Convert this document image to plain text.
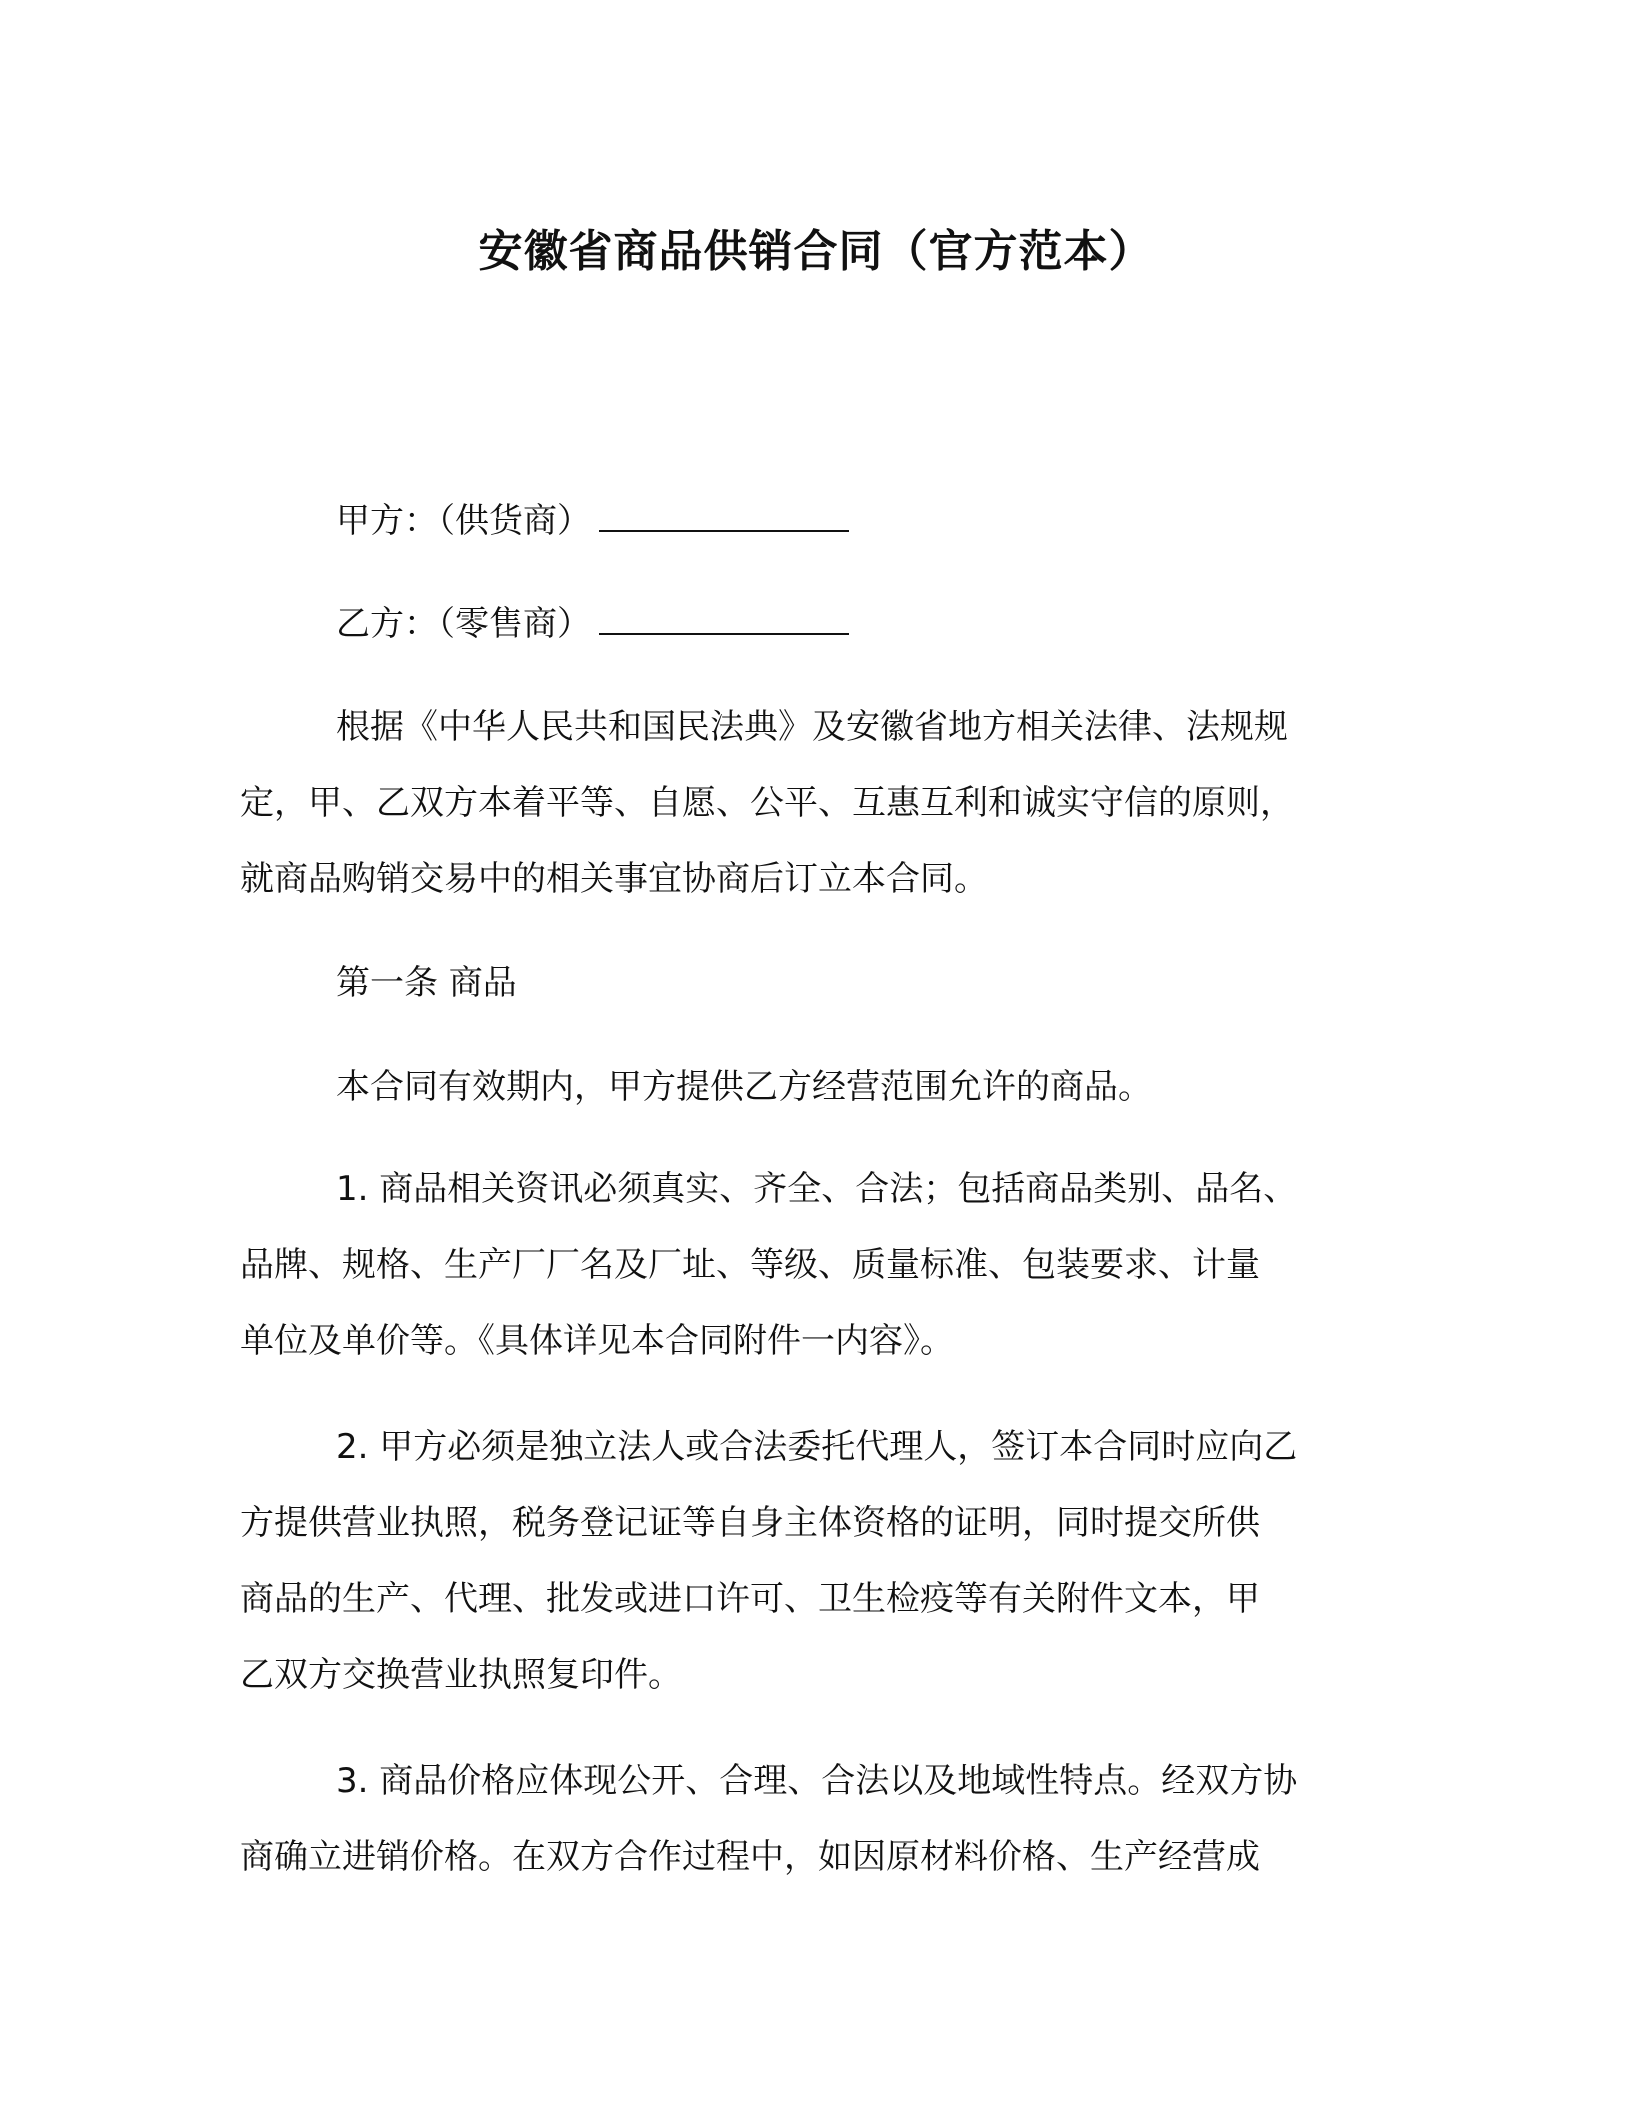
安徽省商品供销合同（官方范本）
甲方：（供货商）
乙方：（零售商）
根据《中华人民共和国民法典》及安徽省地方相关法律、法规规
定，甲、乙双方本着平等、自愿、公平、互惠互利和诚实守信的原则，
就商品购销交易中的相关事宜协商后订立本合同。
第一条 商品
本合同有效期内，甲方提供乙方经营范围允许的商品。
1. 商品相关资讯必须真实、齐全、合法；包括商品类别、品名、
品牌、规格、生产厂厂名及厂址、等级、质量标准、包装要求、计量
单位及单价等。《具体详见本合同附件一内容》。
2. 甲方必须是独立法人或合法委托代理人，签订本合同时应向乙
方提供营业执照，税务登记证等自身主体资格的证明，同时提交所供
商品的生产、代理、批发或进口许可、卫生检疫等有关附件文本，甲
乙双方交换营业执照复印件。
3. 商品价格应体现公开、合理、合法以及地域性特点。经双方协
商确立进销价格。在双方合作过程中，如因原材料价格、生产经营成
